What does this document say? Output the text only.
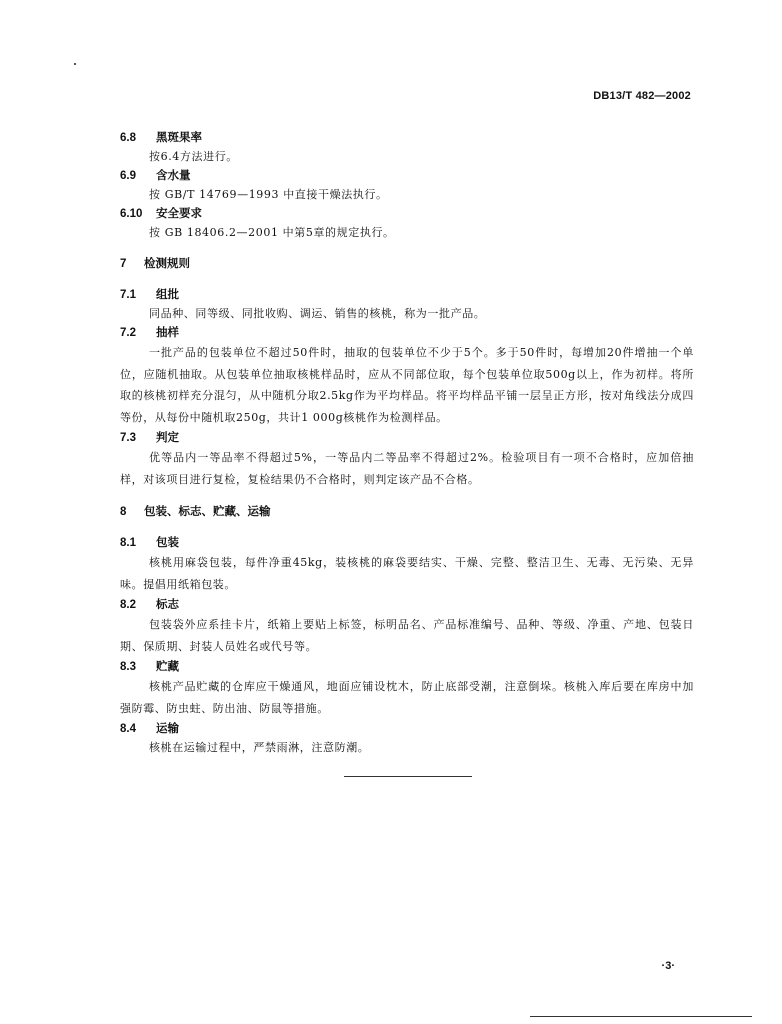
DB13/T 482—2002
6.8 黑斑果率

按6.4方法进行。

6.9 含水量

按 GB/T 14769—1993 中直接干燥法执行。

6.10 安全要求

按 GB 18406.2—2001 中第5章的规定执行。

7 检测规则
7.1 组批

同品种、同等级、同批收购、调运、销售的核桃，称为一批产品。

7.2 抽样

一批产品的包装单位不超过50件时，抽取的包装单位不少于5个。多于50件时，每增加20件增抽一个单位，应随机抽取。从包装单位抽取核桃样品时，应从不同部位取，每个包装单位取500g以上，作为初样。将所取的核桃初样充分混匀，从中随机分取2.5kg作为平均样品。将平均样品平铺一层呈正方形，按对角线法分成四等份，从每份中随机取250g，共计1 000g核桃作为检测样品。

7.3 判定

优等品内一等品率不得超过5%，一等品内二等品率不得超过2%。检验项目有一项不合格时，应加倍抽样，对该项目进行复检，复检结果仍不合格时，则判定该产品不合格。

8 包装、标志、贮藏、运输
8.1 包装

核桃用麻袋包装，每件净重45kg，装核桃的麻袋要结实、干燥、完整、整洁卫生、无毒、无污染、无异味。提倡用纸箱包装。

8.2 标志

包装袋外应系挂卡片，纸箱上要贴上标签，标明品名、产品标准编号、品种、等级、净重、产地、包装日期、保质期、封装人员姓名或代号等。

8.3 贮藏

核桃产品贮藏的仓库应干燥通风，地面应铺设枕木，防止底部受潮，注意倒垛。核桃入库后要在库房中加强防霉、防虫蛀、防出油、防鼠等措施。

8.4 运输

核桃在运输过程中，严禁雨淋，注意防潮。

·3·
